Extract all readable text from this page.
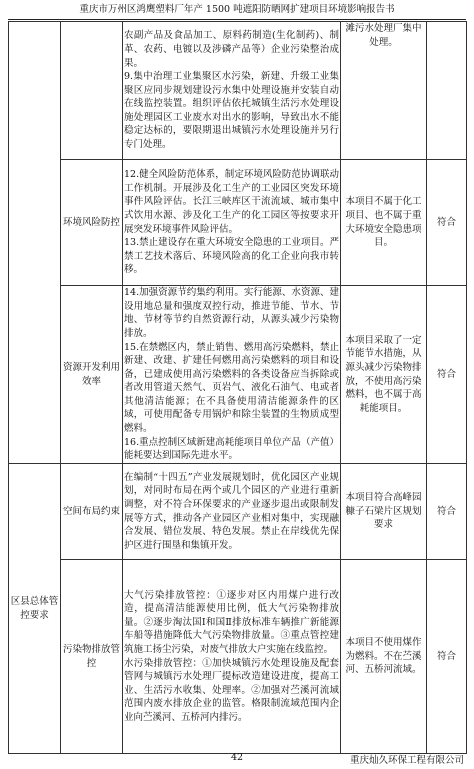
重庆市万州区鸿鹰塑料厂年产 1500 吨遮阳防晒网扩建项目环境影响报告书

		农副产品及食品加工、原料药制造(生化制药)、制革、农药、电镀以及涉磷产品等）企业污染整治成果。

9.集中治理工业集聚区水污染，新建、升级工业集聚区应同步规划建设污水集中处理设施并安装自动在线监控装置。组织评估依托城镇生活污水处理设施处理园区工业废水对出水的影响，导致出水不能稳定达标的，要限期退出城镇污水处理设施并另行专门处理。	滩污水处理厂集中处理。	
	环境风险防控	12.健全风险防范体系，制定环境风险防范协调联动工作机制。开展涉及化工生产的工业园区突发环境事件风险评估。长江三峡库区干流流域、城市集中式饮用水源、涉及化工生产的化工园区等按要求开展突发环境事件风险评估。

13.禁止建设存在重大环境安全隐患的工业项目。严禁工艺技术落后、环境风险高的化工企业向我市转移。	本项目不属于化工项目、也不属于重大环境安全隐患项目。	符合
	资源开发利用效率	14.加强资源节约集约利用。实行能源、水资源、建设用地总量和强度双控行动，推进节能、节水、节地、节材等节约自然资源行动，从源头减少污染物排放。

15.在禁燃区内，禁止销售、燃用高污染燃料，禁止新建、改建、扩建任何燃用高污染燃料的项目和设备，已建成使用高污染燃料的各类设备应当拆除或者改用管道天然气、页岩气、液化石油气、电或者其他清洁能源；在不具备使用清洁能源条件的区域，可使用配备专用锅炉和除尘装置的生物质成型燃料。

16.重点控制区域新建高耗能项目单位产品（产值）能耗要达到国际先进水平。	本项目采取了一定节能节水措施，从源头减少污染物排放，不使用高污染燃料，也不属于高耗能项目。	符合
区县总体管控要求	空间布局约束	在编制“十四五”产业发展规划时，优化园区产业规划，对同时布局在两个或几个园区的产业进行重新调整，对不符合环保要求的产业逐步退出或限制发展等方式，推动各产业园区产业相对集中，实现融合发展、错位发展、特色发展。禁止在岸线优先保护区进行围垦和集镇开发。	本项目符合高峰园糠子石梁片区规划要求	符合
	污染物排放管控	大气污染排放管控：①逐步对区内用煤户进行改造，提高清洁能源使用比例，低大气污染物排放量。②逐步淘汰国Ⅰ和国Ⅱ排放标准车辆推广新能源车船等措施降低大气污染物排放量。③重点管控建筑施工扬尘污染，对废气排放大户实施在线监控。

水污染排放管控：①加快城镇污水处理设施及配套管网与城镇污水处理厂提标改造建设进度，提高工业、生活污水收集、处理率。②加强对苎溪河流域范围内废水排放企业的监管。格限制流域范围内企业向苎溪河、五桥河内排污。	本项目不使用煤作为燃料。不在苎溪河、五桥河流域。	符合
42	重庆灿久环保工程有限公司
